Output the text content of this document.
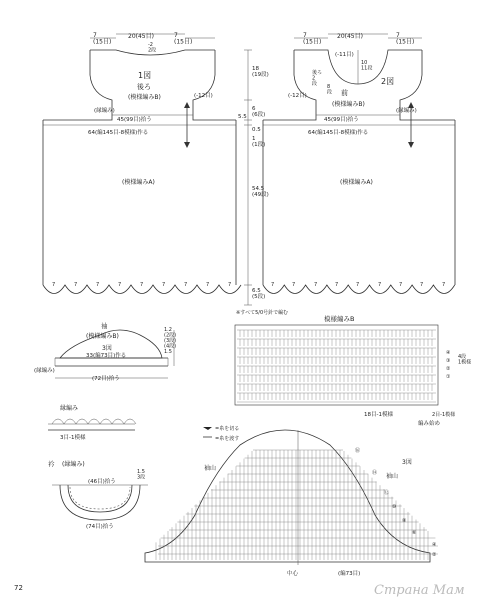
7 (15目)
20(45目)	7 (15目)
-2 2段
1図
後ろ
(模様編みB)	(-12目)
(縁編み)
45(99目)拾う
64(編145目-8模様)作る
(模様編みA)
7	7	7	7	7	7	7	7	7
18 (19段)
5.5
6 (6段)
0.5
1 (1段)
54.5 (49段)
6.5 (5段)
7 (15目)
20(45目)	7 (15目)
(-11目)
後ろ 2 段	8 段
10 11段
2図
前
(模様編みB)
(-12目)
(縁編み)
45(99目)拾う
64(編145目-8模様)作る
(模様編みA)
7	7	7	7	7	7	7	7	7
袖
(模様編みB)
3図
33(編73目)作る
(縁編み)
(72目)拾う
1.2 (2段) (3段) (4段) 1.5
縁編み
3目-1模様
衿 (縁編み)
(46目)拾う
(74目)拾う
1.5 3段
模様編みB
※すべて5/0号針で編む
18目-1模様
4段 1模様
編み始め
2目-1模様
④
③
②
①
3図
袖山
袖山
中心	(編73目)
=糸を切る
=糸を渡す
②
④
⑥
⑧
⑩
⑫
⑭
⑯
72	Страна Мам
